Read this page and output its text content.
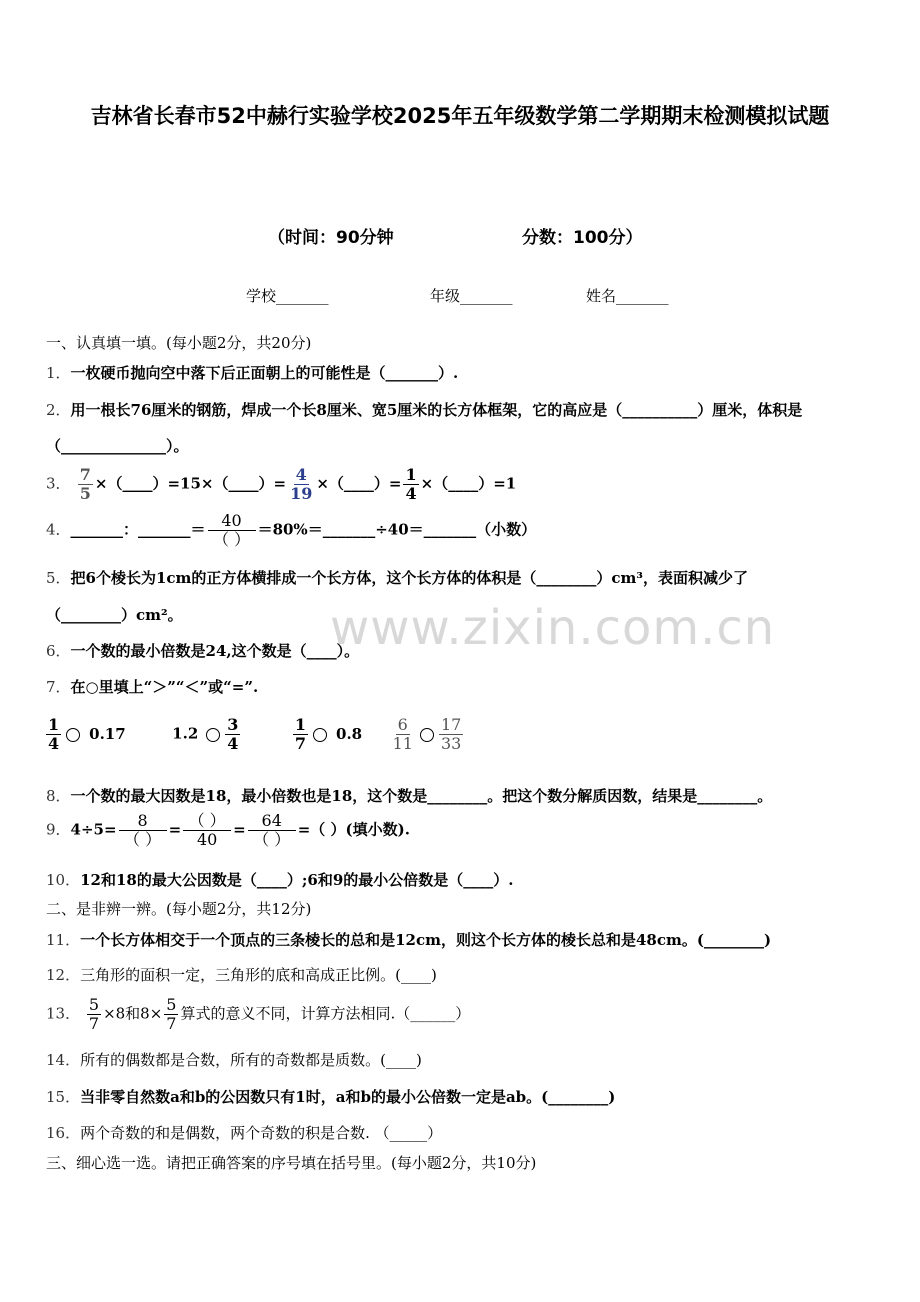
吉林省长春市52中赫行实验学校2025年五年级数学第二学期期末检测模拟试题
（时间：90分钟	分数：100分）
学校_______	年级_______	姓名_______
www.zixin.com.cn
一、认真填一填。(每小题2分，共20分)
1．一枚硬币抛向空中落下后正面朝上的可能性是（_______）.
2．用一根长76厘米的钢筋，焊成一个长8厘米、宽5厘米的长方体框架，它的高应是（__________）厘米，体积是
（______________）。
3． $\frac{7}{5}$ ×（____）=15×（____）= $\frac{4}{19}$ ×（____）= $\frac{1}{4}$ ×（____）=1
4．_______：_______＝ $\frac{40}{( )}$ ＝80%＝_______÷40＝_______（小数）
5．把6个棱长为1cm的正方体横排成一个长方体，这个长方体的体积是（________）cm³，表面积减少了
（________）cm²。
6．一个数的最小倍数是24,这个数是（____）。
7．在○里填上“＞”“＜”或“=”.
$\frac{1}{4} 0.17$	$1.2 \frac{3}{4}$
	$\frac{1}{7} 0.8 \frac{6}{11} \frac{17}{33}$
8．一个数的最大因数是18，最小倍数也是18，这个数是________。把这个数分解质因数，结果是________。
9．$4\div 5= \frac{8}{( )} = \frac{( )}{40} = \frac{64}{( )}$ =（ ）(填小数).
10．12和18的最大公因数是（____）;6和9的最小公倍数是（____）.
二、是非辨一辨。(每小题2分，共12分)
11．一个长方体相交于一个顶点的三条棱长的总和是12cm，则这个长方体的棱长总和是48cm。(________)
12．三角形的面积一定，三角形的底和高成正比例。(____)
13． $\frac{5}{7} \times 8$和$8\times \frac{5}{7}$ 算式的意义不同，计算方法相同.（______）
14．所有的偶数都是合数，所有的奇数都是质数。(____)
15．当非零自然数a和b的公因数只有1时，a和b的最小公倍数一定是ab。(________)
16．两个奇数的和是偶数，两个奇数的积是合数. （_____）
三、细心选一选。请把正确答案的序号填在括号里。(每小题2分，共10分)
